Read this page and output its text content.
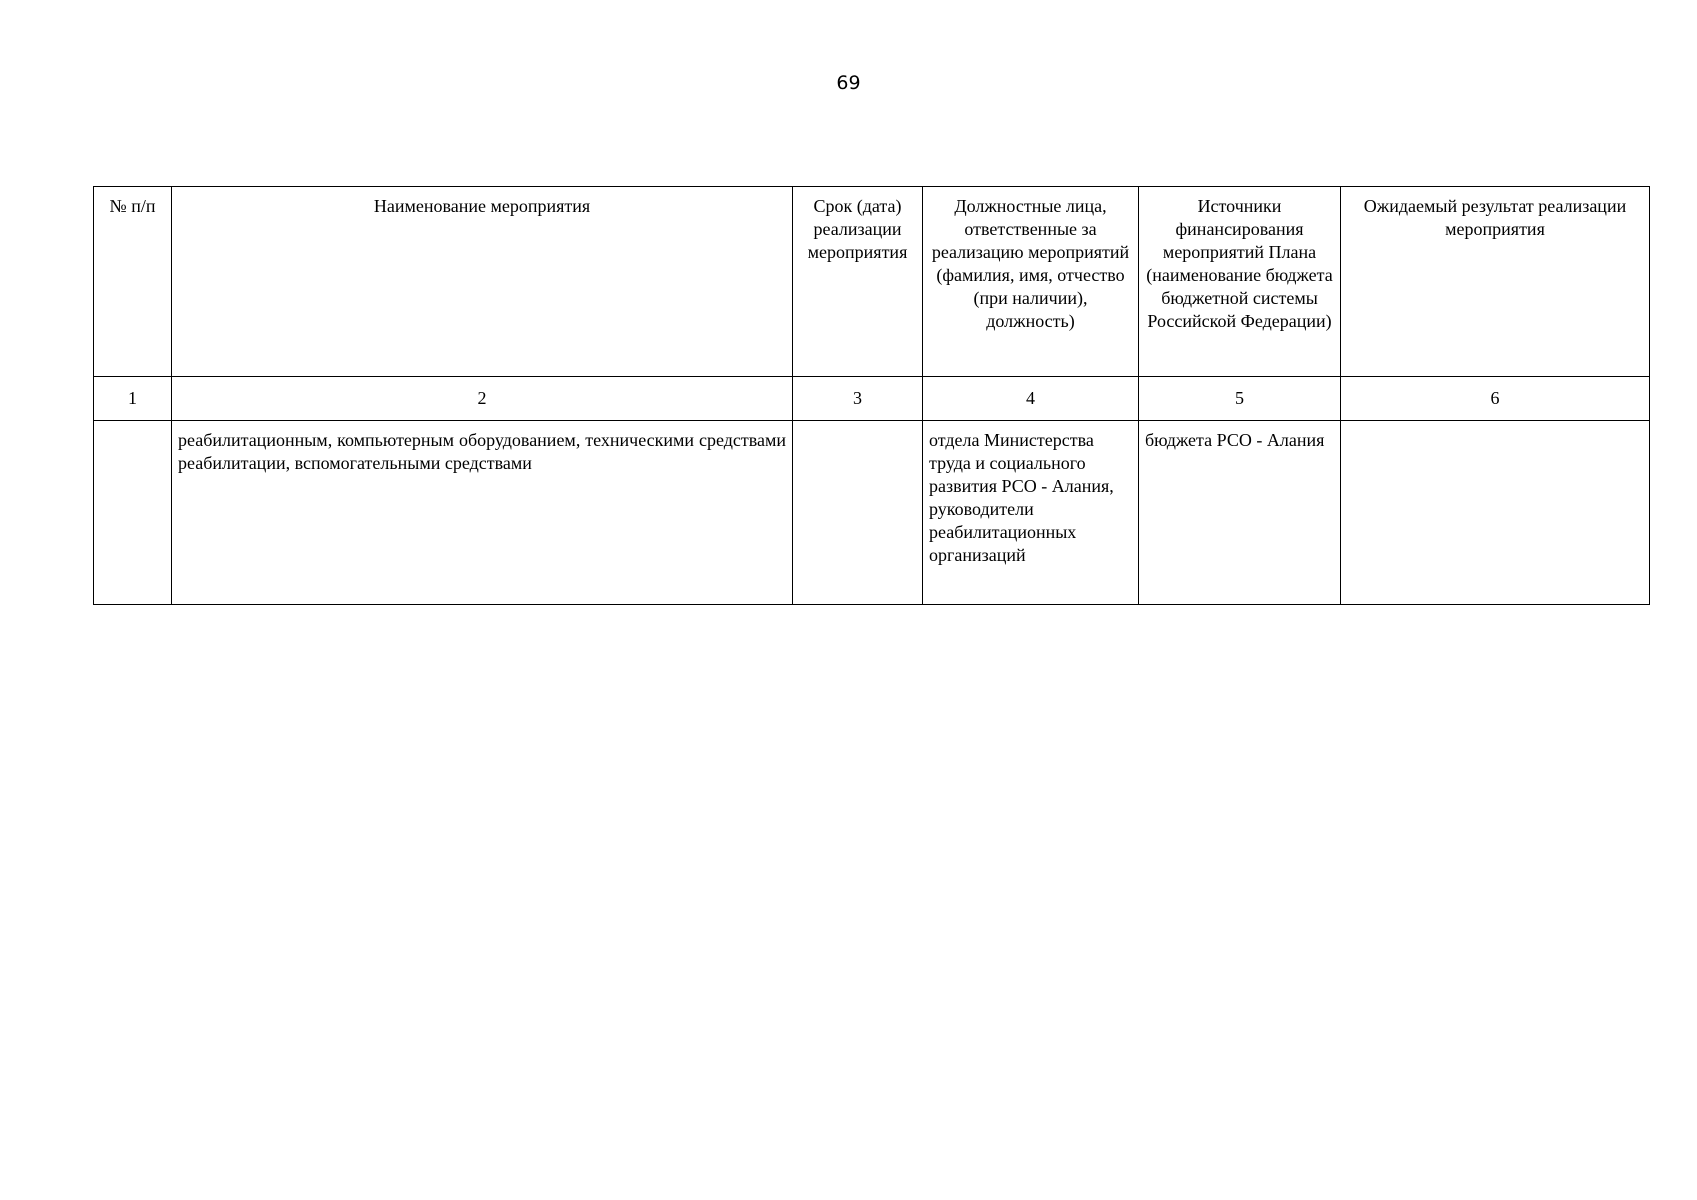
69
№ п/п	Наименование мероприятия	Срок (дата) реализации мероприятия	Должностные лица, ответственные за реализацию мероприятий (фамилия, имя, отчество (при наличии), должность)	Источники финансирования мероприятий Плана (наименование бюджета бюджетной системы Российской Федерации)	Ожидаемый результат реализации мероприятия
1	2	3	4	5	6
	реабилитационным, компьютерным оборудованием, техническими средствами реабилитации, вспомогательными средствами		отдела Министерства труда и социального развития РСО - Алания, руководители реабилитационных организаций	бюджета РСО - Алания	
